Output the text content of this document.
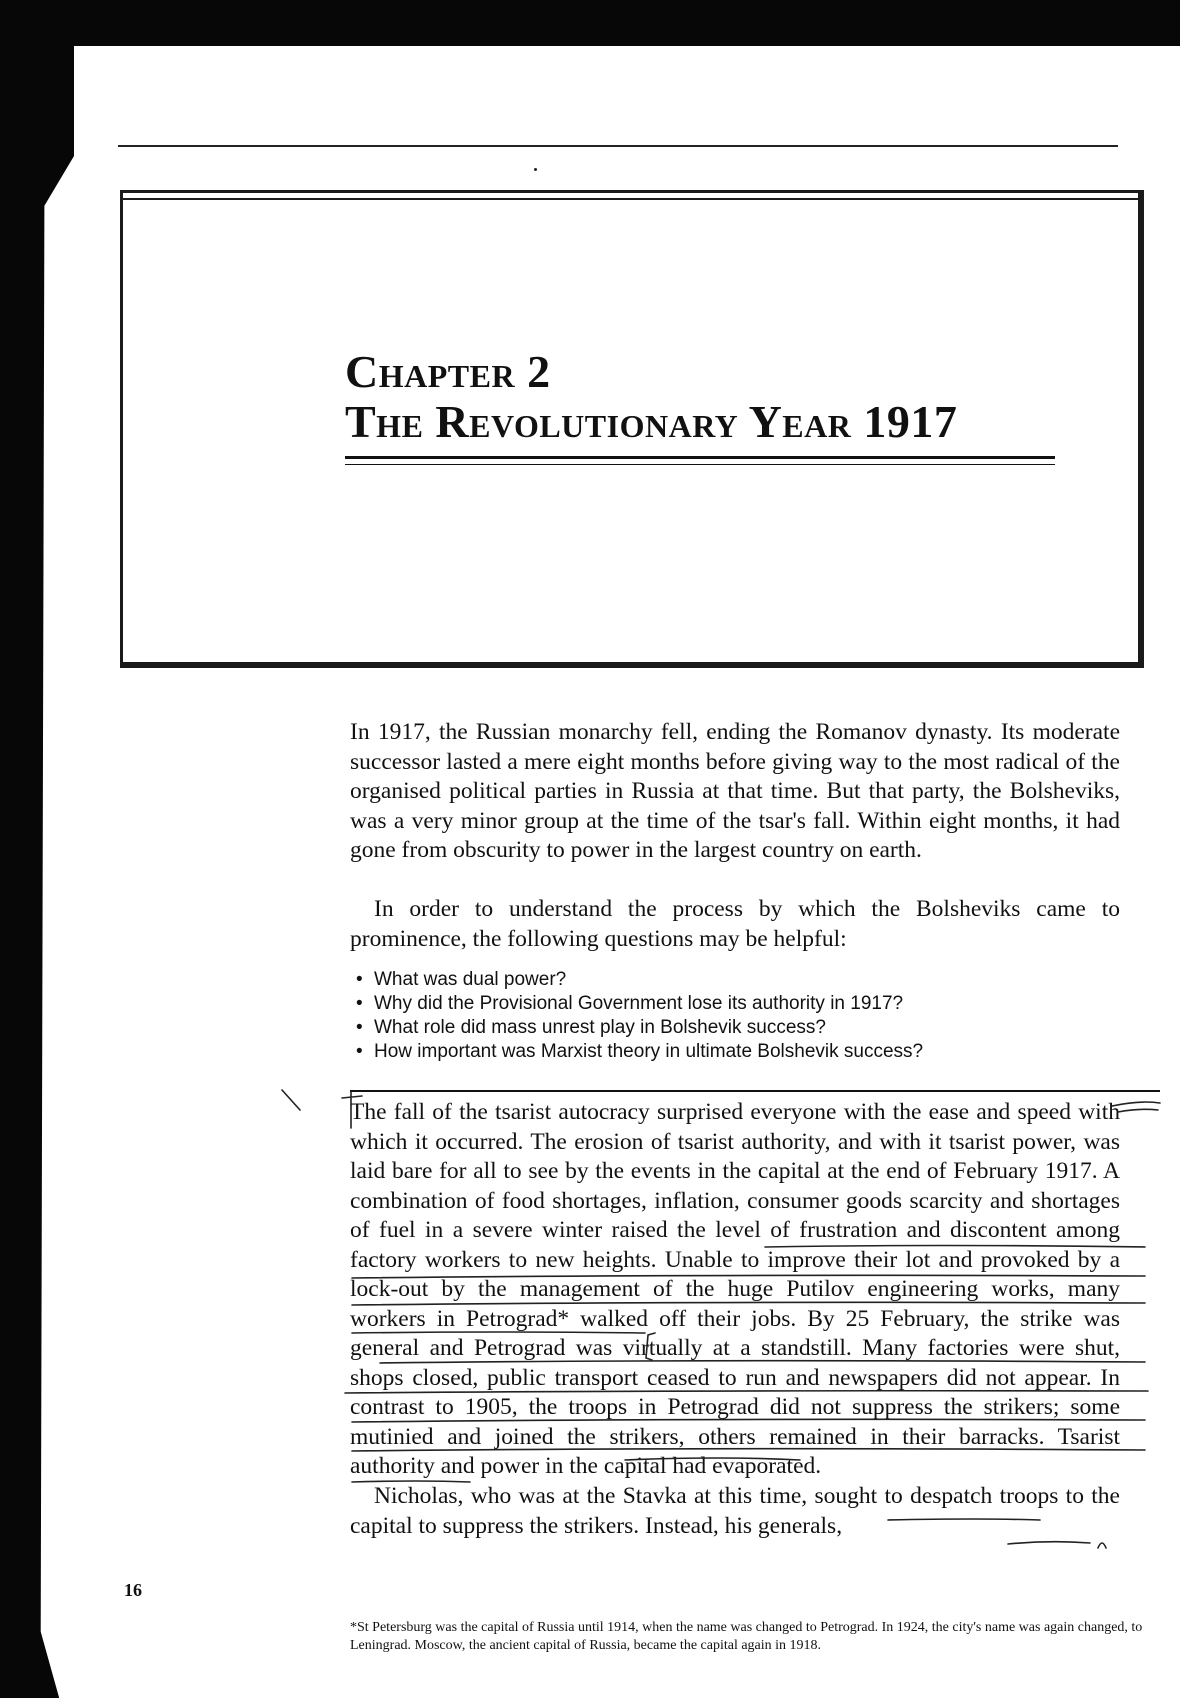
Chapter 2
The Revolutionary Year 1917

In 1917, the Russian monarchy fell, ending the Romanov dynasty. Its moderate successor lasted a mere eight months before giving way to the most radical of the organised political parties in Russia at that time. But that party, the Bolsheviks, was a very minor group at the time of the tsar's fall. Within eight months, it had gone from obscurity to power in the largest country on earth.

In order to understand the process by which the Bolsheviks came to prominence, the following questions may be helpful:

• What was dual power?
• Why did the Provisional Government lose its authority in 1917?
• What role did mass unrest play in Bolshevik success?
• How important was Marxist theory in ultimate Bolshevik success?

The fall of the tsarist autocracy surprised everyone with the ease and speed with which it occurred. The erosion of tsarist authority, and with it tsarist power, was laid bare for all to see by the events in the capital at the end of February 1917. A combination of food shortages, inflation, consumer goods scarcity and shortages of fuel in a severe winter raised the level of frustration and discontent among factory workers to new heights. Unable to improve their lot and provoked by a lock-out by the management of the huge Putilov engineering works, many workers in Petrograd* walked off their jobs. By 25 February, the strike was general and Petrograd was virtually at a standstill. Many factories were shut, shops closed, public transport ceased to run and newspapers did not appear. In contrast to 1905, the troops in Petrograd did not suppress the strikers; some mutinied and joined the strikers, others remained in their barracks. Tsarist authority and power in the capital had evaporated.

Nicholas, who was at the Stavka at this time, sought to despatch troops to the capital to suppress the strikers. Instead, his generals,

16

*St Petersburg was the capital of Russia until 1914, when the name was changed to Petrograd. In 1924, the city's name was again changed, to Leningrad. Moscow, the ancient capital of Russia, became the capital again in 1918.
